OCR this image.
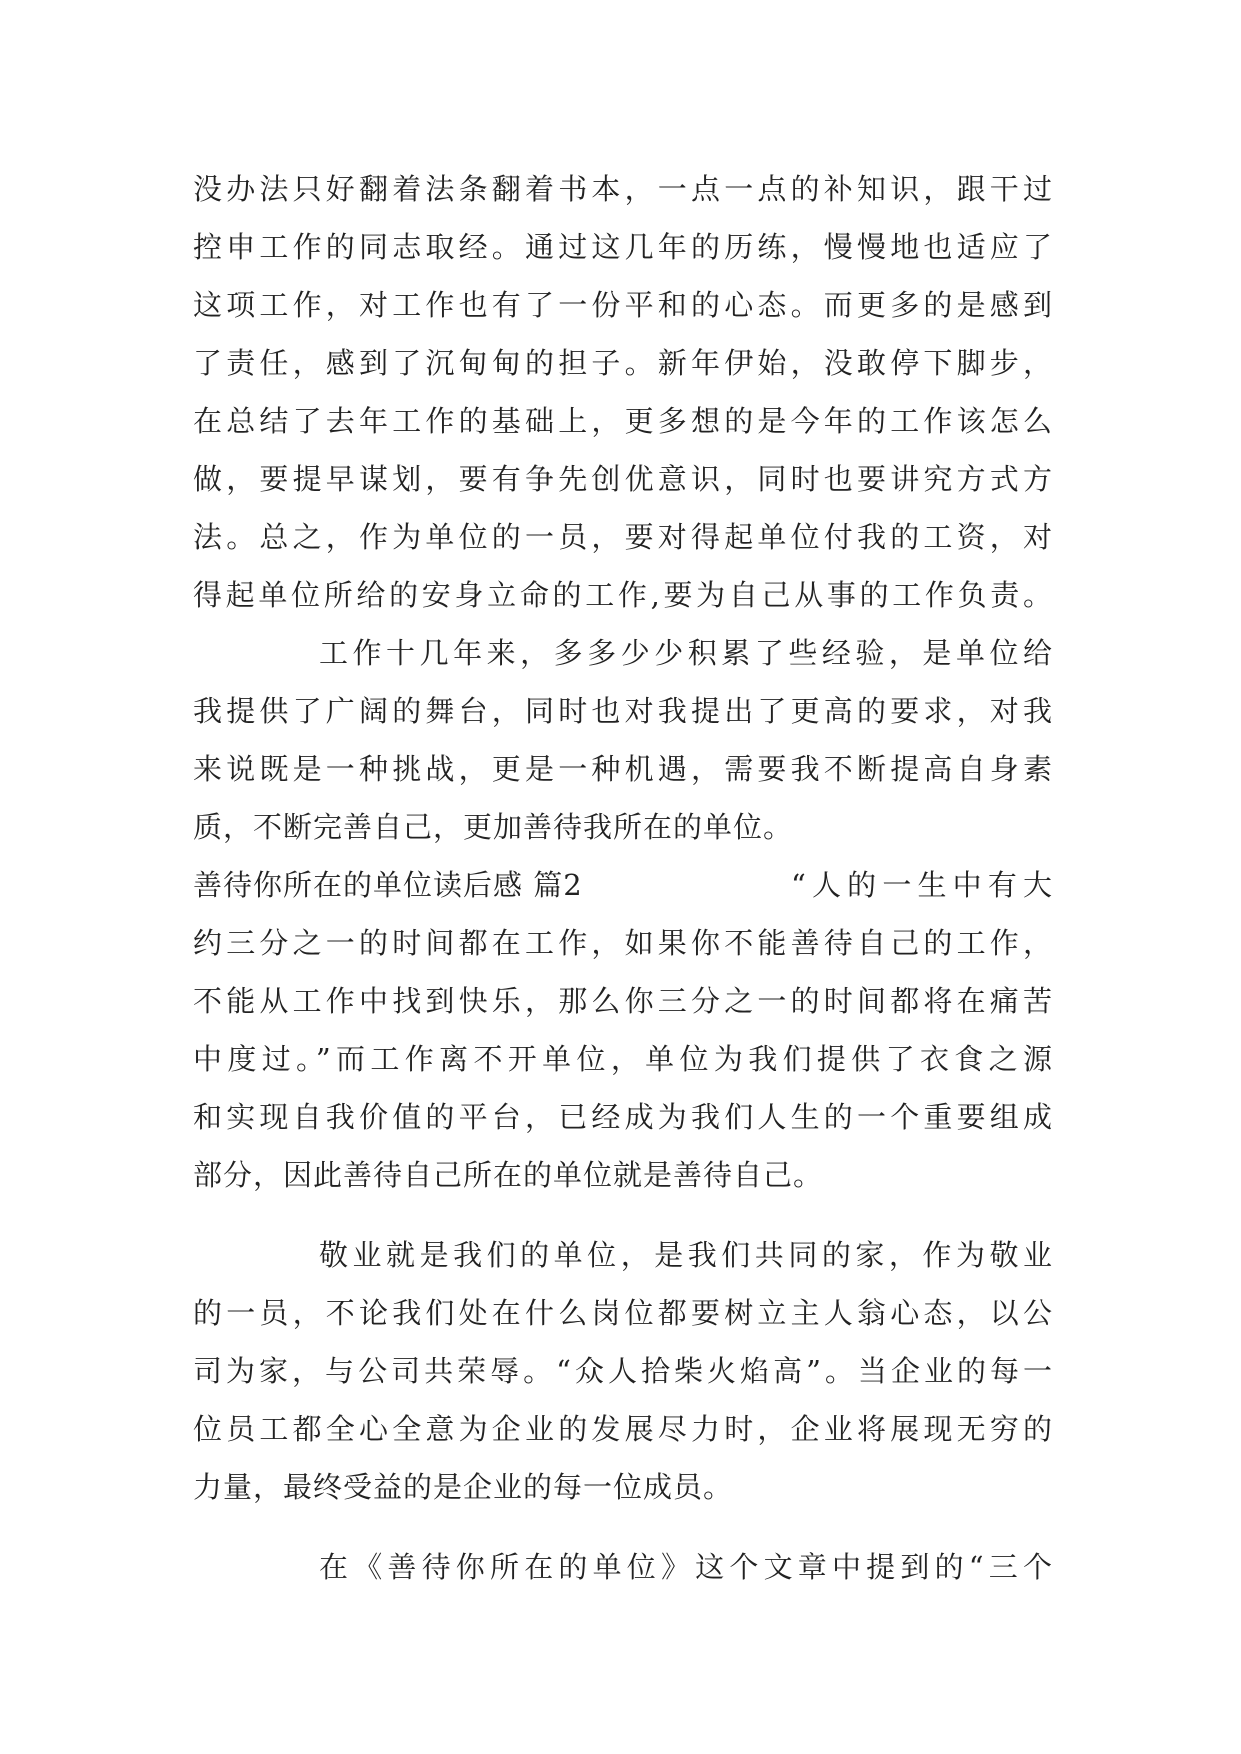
没办法只好翻着法条翻着书本，一点一点的补知识，跟干过
控申工作的同志取经。通过这几年的历练，慢慢地也适应了
这项工作，对工作也有了一份平和的心态。而更多的是感到
了责任，感到了沉甸甸的担子。新年伊始，没敢停下脚步，
在总结了去年工作的基础上，更多想的是今年的工作该怎么
做，要提早谋划，要有争先创优意识，同时也要讲究方式方
法。总之，作为单位的一员，要对得起单位付我的工资，对
得起单位所给的安身立命的工作,要为自己从事的工作负责。
工作十几年来，多多少少积累了些经验，是单位给
我提供了广阔的舞台，同时也对我提出了更高的要求，对我
来说既是一种挑战，更是一种机遇，需要我不断提高自身素
质，不断完善自己，更加善待我所在的单位。
善待你所在的单位读后感 篇2	“人的一生中有大
约三分之一的时间都在工作，如果你不能善待自己的工作，
不能从工作中找到快乐，那么你三分之一的时间都将在痛苦
中度过。”而工作离不开单位，单位为我们提供了衣食之源
和实现自我价值的平台，已经成为我们人生的一个重要组成
部分，因此善待自己所在的单位就是善待自己。
敬业就是我们的单位，是我们共同的家，作为敬业
的一员，不论我们处在什么岗位都要树立主人翁心态，以公
司为家，与公司共荣辱。“众人拾柴火焰高”。当企业的每一
位员工都全心全意为企业的发展尽力时，企业将展现无穷的
力量，最终受益的是企业的每一位成员。
在《善待你所在的单位》这个文章中提到的“三个
